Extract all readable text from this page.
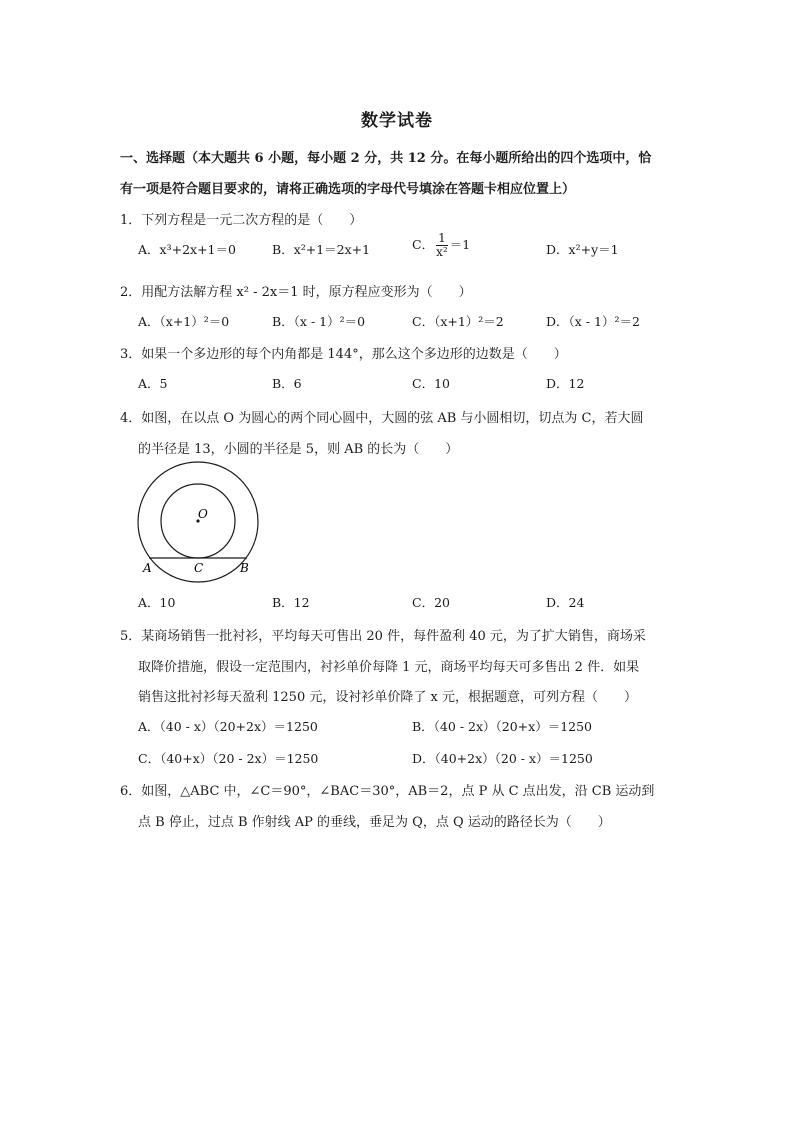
数学试卷
一、选择题（本大题共 6 小题，每小题 2 分，共 12 分。在每小题所给出的四个选项中，恰
有一项是符合题目要求的，请将正确选项的字母代号填涂在答题卡相应位置上）
1．下列方程是一元二次方程的是（　　）
A．x³+2x+1＝0	B．x²+1＝2x+1	C． $\frac{1}{\text{x²}} =1$	D．x²+y＝1
2．用配方法解方程 x² - 2x＝1 时，原方程应变形为（　　）
A．（x+1）²＝0	B．（x - 1）²＝0	C．（x+1）²＝2	D．（x - 1）²＝2
3．如果一个多边形的每个内角都是 144°，那么这个多边形的边数是（　　）
A．5	B．6	C．10	D．12
4．如图，在以点 O 为圆心的两个同心圆中，大圆的弦 AB 与小圆相切，切点为 C，若大圆
的半径是 13，小圆的半径是 5，则 AB 的长为（　　）
O
A	C	B
A．10	B．12	C．20	D．24
5．某商场销售一批衬衫，平均每天可售出 20 件，每件盈利 40 元，为了扩大销售，商场采
取降价措施，假设一定范围内，衬衫单价每降 1 元，商场平均每天可多售出 2 件．如果
销售这批衬衫每天盈利 1250 元，设衬衫单价降了 x 元，根据题意，可列方程（　　）
A．（40 - x）（20+2x）＝1250	B．（40 - 2x）（20+x）＝1250
C．（40+x）（20 - 2x）＝1250	D．（40+2x）（20 - x）＝1250
6．如图，△ABC 中，∠C＝90°，∠BAC＝30°，AB＝2，点 P 从 C 点出发，沿 CB 运动到
点 B 停止，过点 B 作射线 AP 的垂线，垂足为 Q，点 Q 运动的路径长为（　　）
